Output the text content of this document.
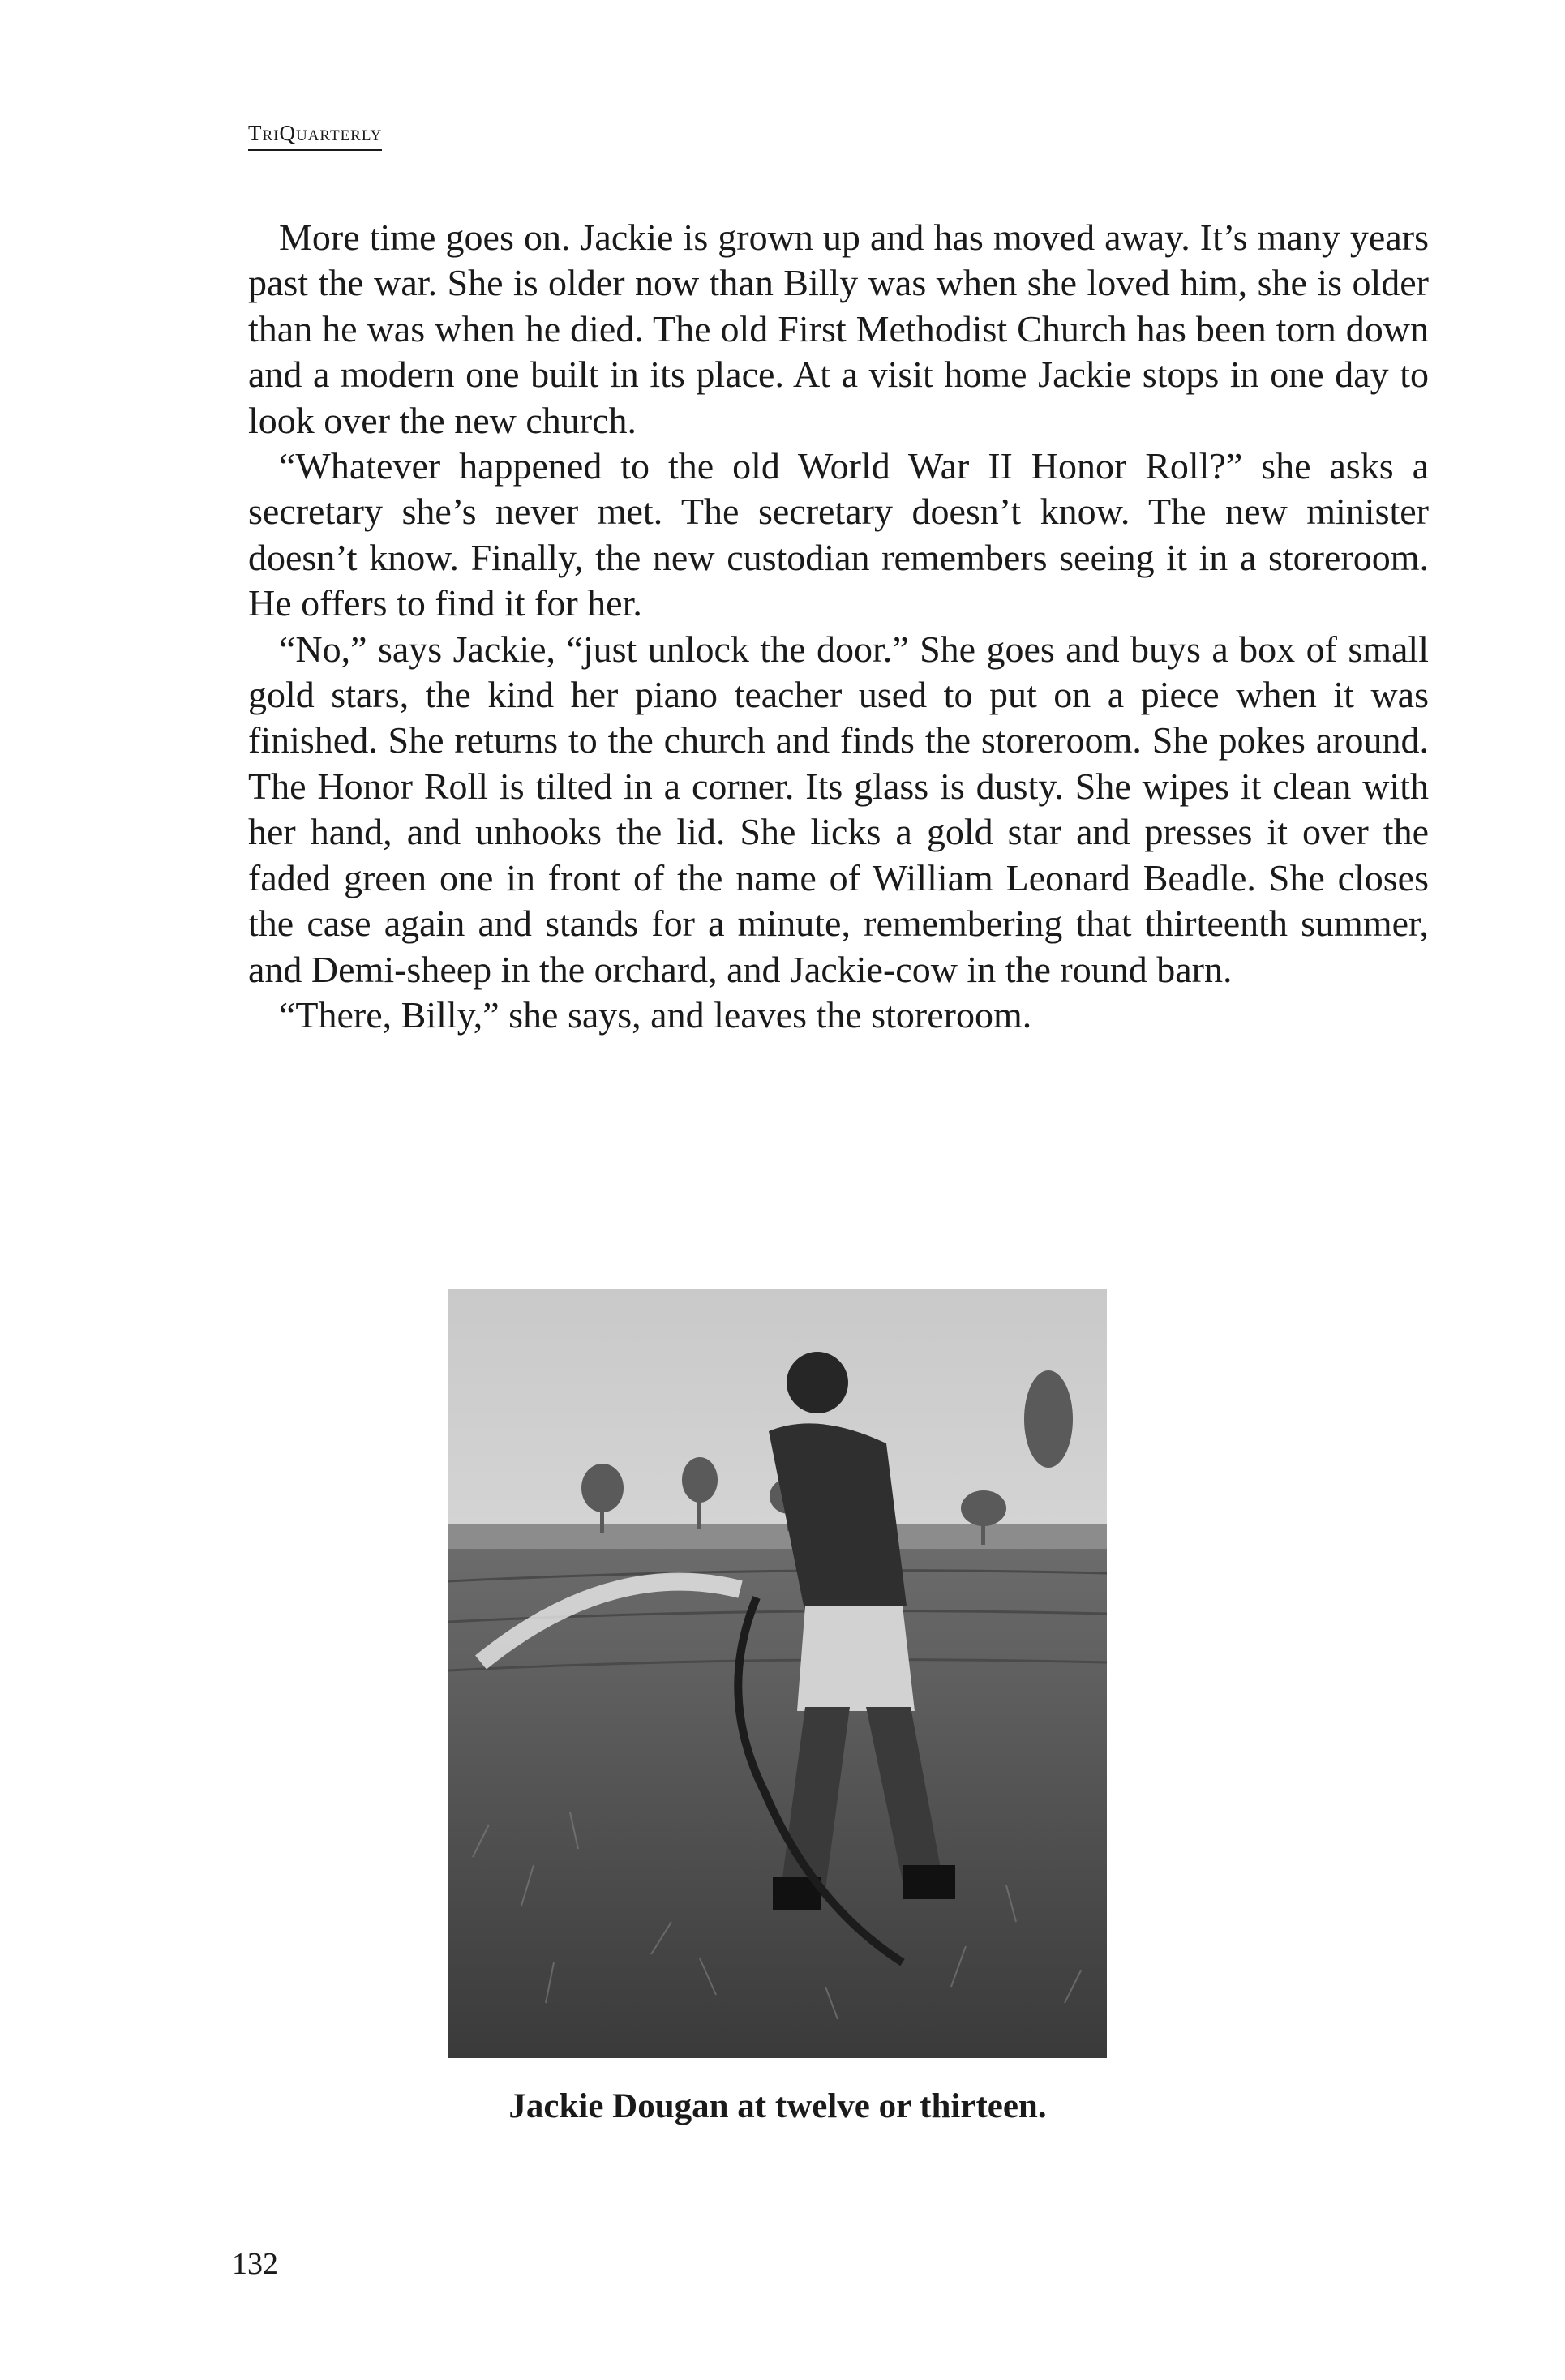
TriQuarterly

More time goes on. Jackie is grown up and has moved away. It’s many years past the war. She is older now than Billy was when she loved him, she is older than he was when he died. The old First Methodist Church has been torn down and a modern one built in its place. At a visit home Jackie stops in one day to look over the new church.

“Whatever happened to the old World War II Honor Roll?” she asks a secretary she’s never met. The secretary doesn’t know. The new minister doesn’t know. Finally, the new custodian remembers seeing it in a storeroom. He offers to find it for her.

“No,” says Jackie, “just unlock the door.” She goes and buys a box of small gold stars, the kind her piano teacher used to put on a piece when it was finished. She returns to the church and finds the storeroom. She pokes around. The Honor Roll is tilted in a corner. Its glass is dusty. She wipes it clean with her hand, and unhooks the lid. She licks a gold star and presses it over the faded green one in front of the name of William Leonard Beadle. She closes the case again and stands for a minute, remembering that thirteenth summer, and Demi-sheep in the orchard, and Jackie-cow in the round barn.

“There, Billy,” she says, and leaves the storeroom.

Jackie Dougan at twelve or thirteen.
132
